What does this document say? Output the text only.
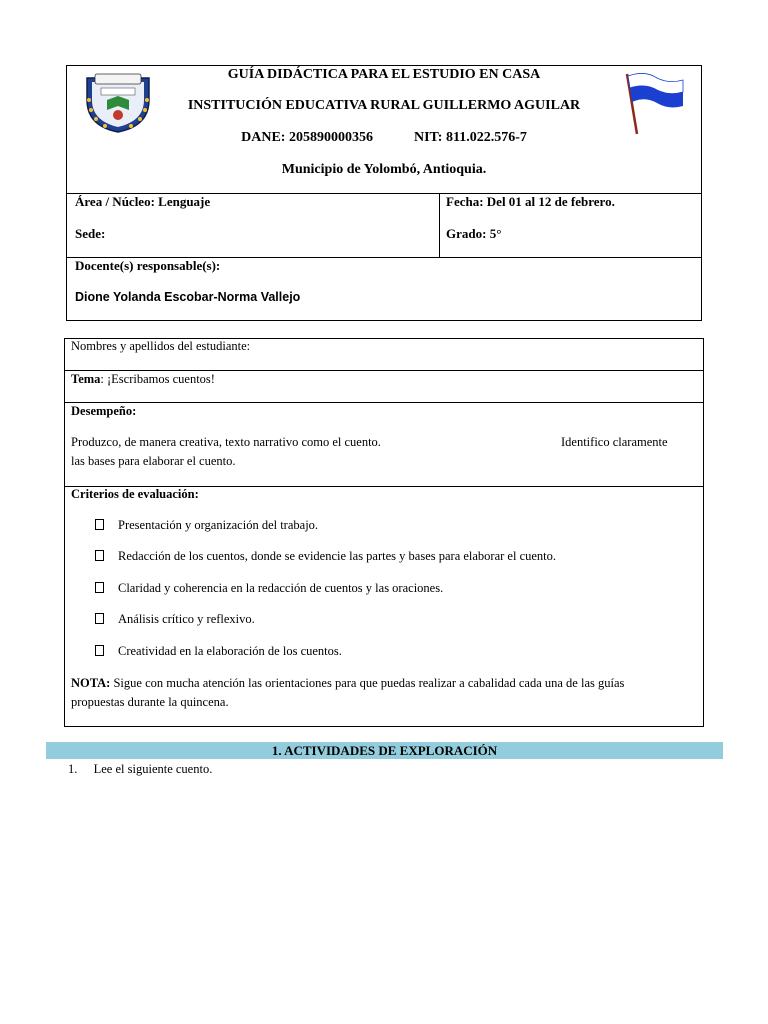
GUÍA DIDÁCTICA PARA EL ESTUDIO EN CASA
INSTITUCIÓN EDUCATIVA RURAL GUILLERMO AGUILAR
DANE: 205890000356	NIT: 811.022.576-7
Municipio de Yolombó, Antioquia.
Área / Núcleo: Lenguaje
Sede:
Fecha: Del 01 al 12 de febrero.
Grado: 5°
Docente(s) responsable(s):
Dione Yolanda Escobar-Norma Vallejo
Nombres y apellidos del estudiante:
Tema: ¡Escribamos cuentos!
Desempeño:
Produzco, de manera creativa, texto narrativo como el cuento.	Identifico claramente
las bases para elaborar el cuento.
Criterios de evaluación:
Presentación y organización del trabajo.
Redacción de los cuentos, donde se evidencie las partes y bases para elaborar el cuento.
Claridad y coherencia en la redacción de cuentos y las oraciones.
Análisis crítico y reflexivo.
Creatividad en la elaboración de los cuentos.
NOTA: Sigue con mucha atención las orientaciones para que puedas realizar a cabalidad cada una de las guías
propuestas durante la quincena.
1. ACTIVIDADES DE EXPLORACIÓN
1. Lee el siguiente cuento.
